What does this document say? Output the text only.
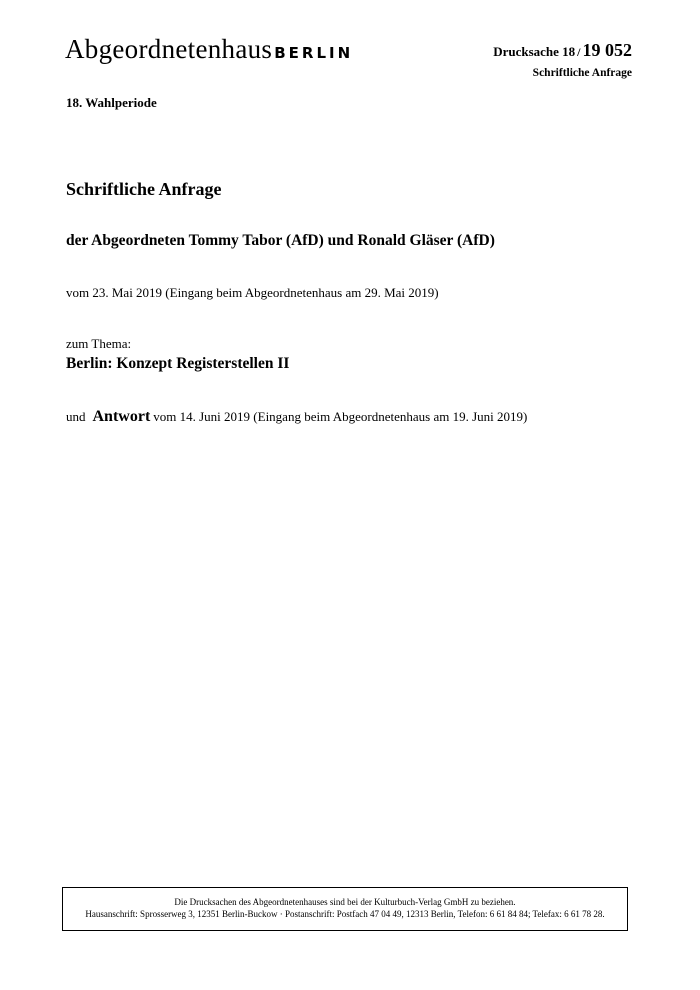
Abgeordnetenhaus BERLIN	Drucksache 18 / 19 052
Schriftliche Anfrage
18. Wahlperiode
Schriftliche Anfrage
der Abgeordneten Tommy Tabor (AfD) und Ronald Gläser (AfD)
vom 23. Mai 2019 (Eingang beim Abgeordnetenhaus am 29. Mai 2019)
zum Thema:
Berlin: Konzept Registerstellen II
und Antwort vom 14. Juni 2019 (Eingang beim Abgeordnetenhaus am 19. Juni 2019)
Die Drucksachen des Abgeordnetenhauses sind bei der Kulturbuch-Verlag GmbH zu beziehen.
Hausanschrift: Sprosserweg 3, 12351 Berlin-Buckow · Postanschrift: Postfach 47 04 49, 12313 Berlin, Telefon: 6 61 84 84; Telefax: 6 61 78 28.
